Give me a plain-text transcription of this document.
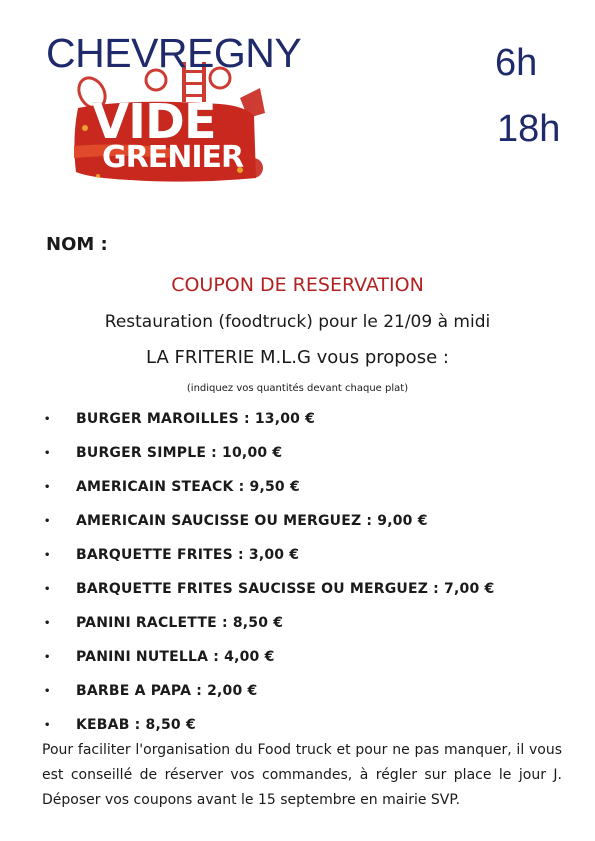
VIDE
GRENIER
CHEVREGNY	6h
18h
NOM :
COUPON DE RESERVATION
Restauration (foodtruck) pour le 21/09 à midi
LA FRITERIE M.L.G vous propose :
(indiquez vos quantités devant chaque plat)
•	BURGER MAROILLES : 13,00 €
•	BURGER SIMPLE : 10,00 €
•	AMERICAIN STEACK : 9,50 €
•	AMERICAIN SAUCISSE OU MERGUEZ : 9,00 €
•	BARQUETTE FRITES : 3,00 €
•	BARQUETTE FRITES SAUCISSE OU MERGUEZ : 7,00 €
•	PANINI RACLETTE : 8,50 €
•	PANINI NUTELLA : 4,00 €
•	BARBE A PAPA : 2,00 €
•	KEBAB : 8,50 €
Pour faciliter l'organisation du Food truck et pour ne pas manquer, il vous est conseillé de réserver vos commandes, à régler sur place le jour J. Déposer vos coupons avant le 15 septembre en mairie SVP.
